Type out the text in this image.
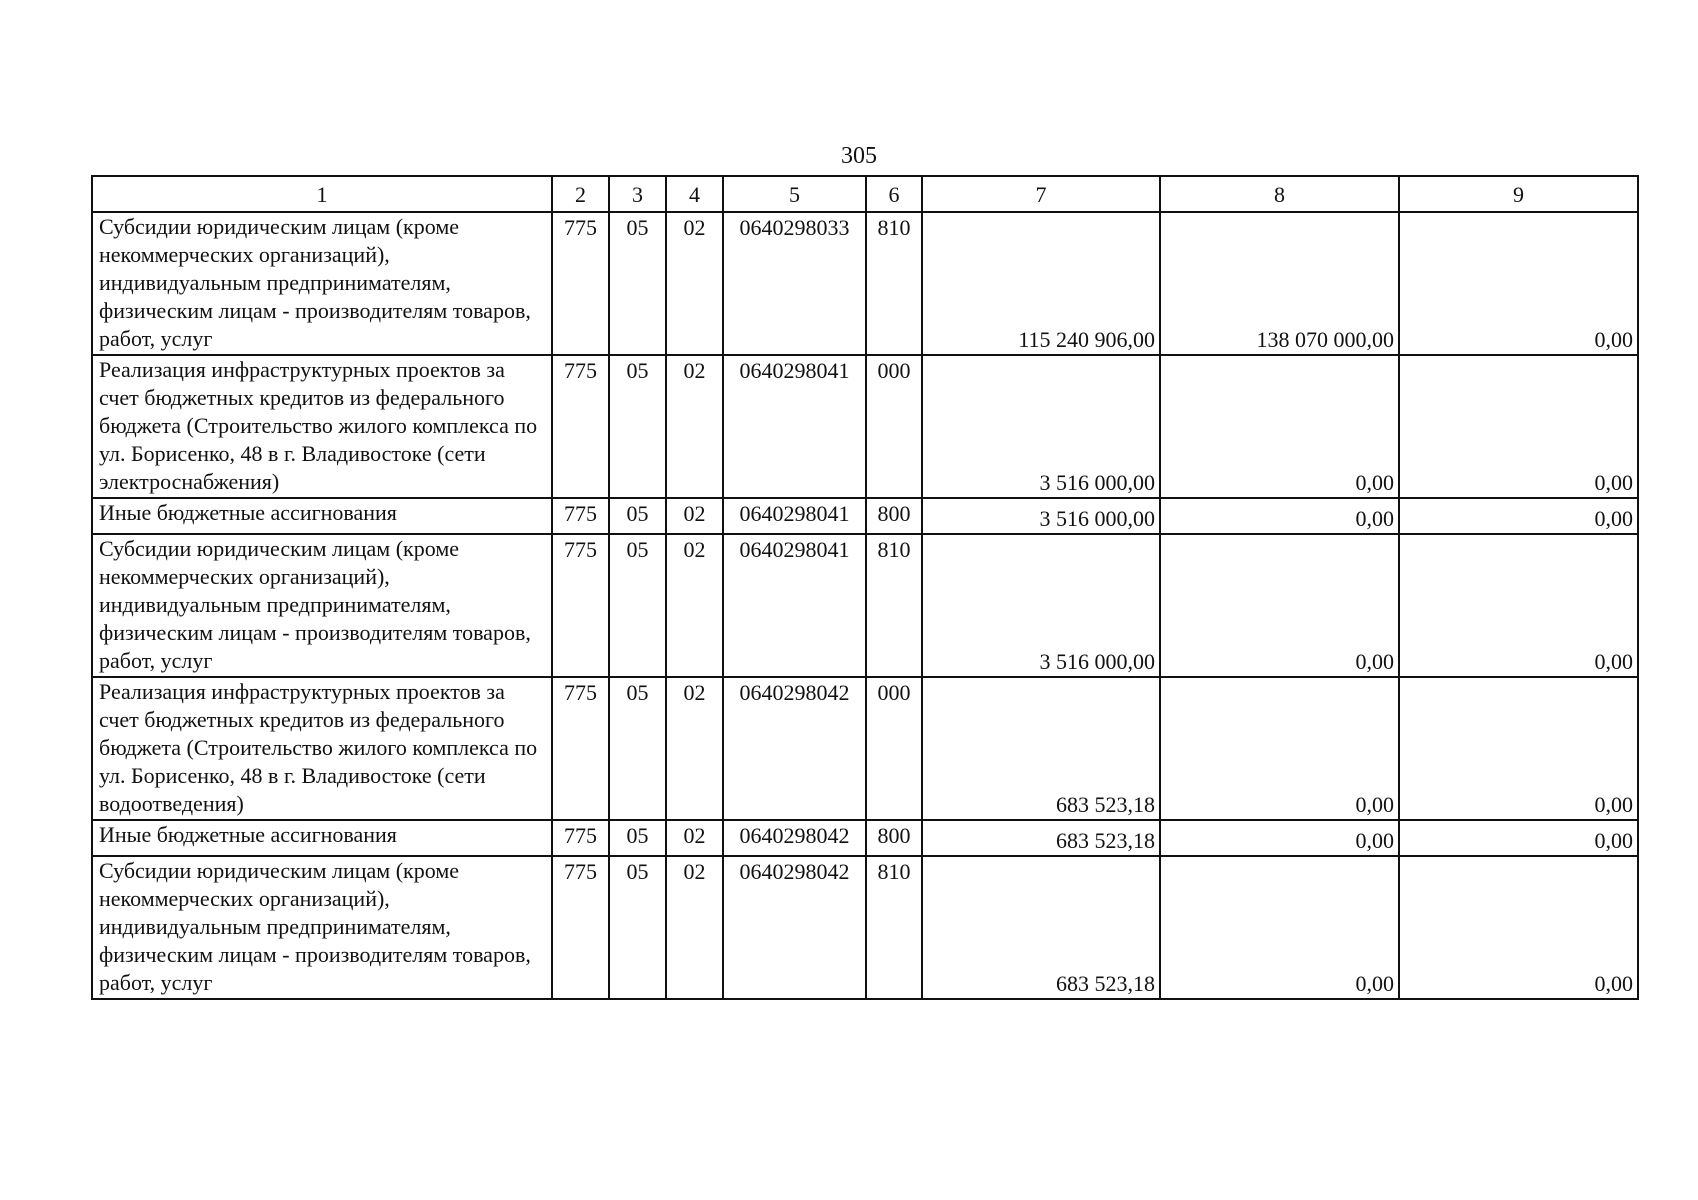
305
1	2	3	4	5	6	7	8	9
Субсидии юридическим лицам (кроме некоммерческих организаций), индивидуальным предпринимателям, физическим лицам - производителям товаров, работ, услуг	775	05	02	0640298033	810	115 240 906,00	138 070 000,00	0,00
Реализация инфраструктурных проектов за счет бюджетных кредитов из федерального бюджета (Строительство жилого комплекса по ул. Борисенко, 48 в г. Владивостоке (сети электроснабжения)	775	05	02	0640298041	000	3 516 000,00	0,00	0,00
Иные бюджетные ассигнования	775	05	02	0640298041	800	3 516 000,00	0,00	0,00
Субсидии юридическим лицам (кроме некоммерческих организаций), индивидуальным предпринимателям, физическим лицам - производителям товаров, работ, услуг	775	05	02	0640298041	810	3 516 000,00	0,00	0,00
Реализация инфраструктурных проектов за счет бюджетных кредитов из федерального бюджета (Строительство жилого комплекса по ул. Борисенко, 48 в г. Владивостоке (сети водоотведения)	775	05	02	0640298042	000	683 523,18	0,00	0,00
Иные бюджетные ассигнования	775	05	02	0640298042	800	683 523,18	0,00	0,00
Субсидии юридическим лицам (кроме некоммерческих организаций), индивидуальным предпринимателям, физическим лицам - производителям товаров, работ, услуг	775	05	02	0640298042	810	683 523,18	0,00	0,00
